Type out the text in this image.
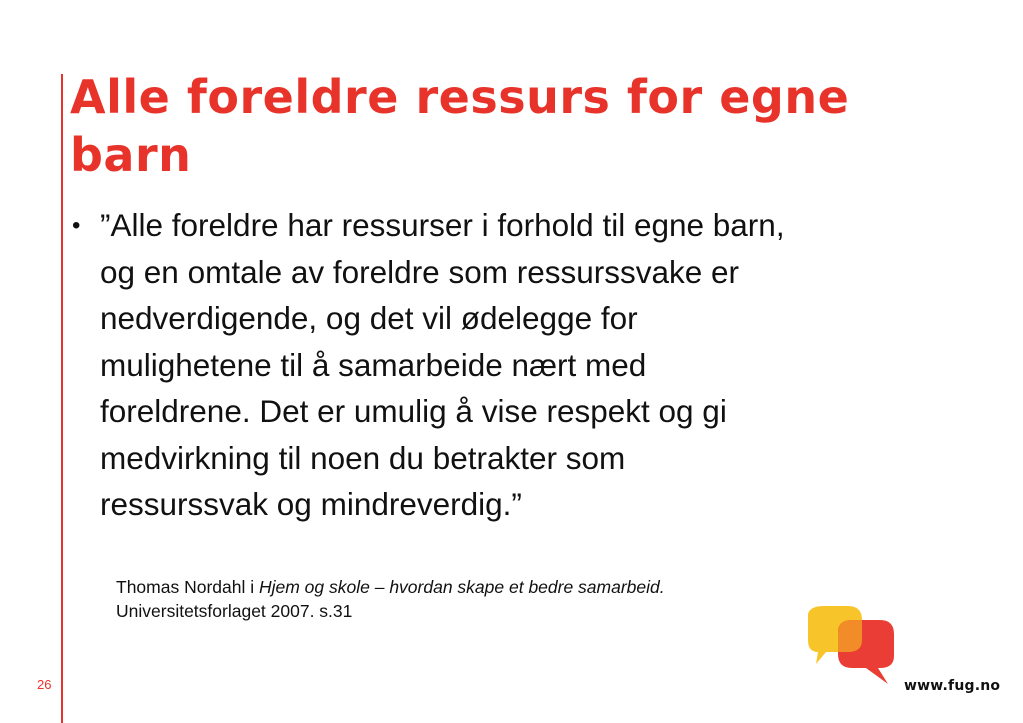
Alle foreldre ressurs for egne barn
• ”Alle foreldre har ressurser i forhold til egne barn,
og en omtale av foreldre som ressurssvake er
nedverdigende, og det vil ødelegge for
mulighetene til å samarbeide nært med
foreldrene. Det er umulig å vise respekt og gi
medvirkning til noen du betrakter som
ressurssvak og mindreverdig.”
Thomas Nordahl i Hjem og skole – hvordan skape et bedre samarbeid.
Universitetsforlaget 2007. s.31
26	www.fug.no
